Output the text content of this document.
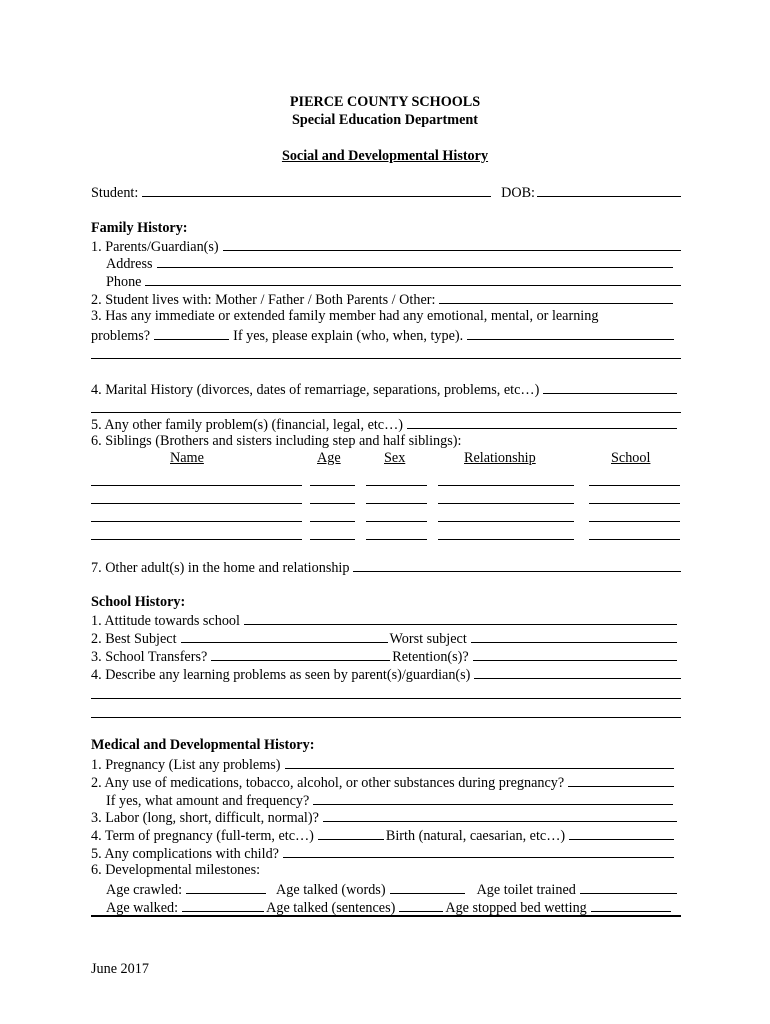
PIERCE COUNTY SCHOOLS
Special Education Department
Social and Developmental History
Student:	DOB:
Family History:
1. Parents/Guardian(s)
Address
Phone
2. Student lives with: Mother / Father / Both Parents / Other:
3. Has any immediate or extended family member had any emotional, mental, or learning
problems?	If yes, please explain (who, when, type).
4. Marital History (divorces, dates of remarriage, separations, problems, etc…)
5. Any other family problem(s) (financial, legal, etc…)
6. Siblings (Brothers and sisters including step and half siblings):
Name	Age	Sex	Relationship	School
7. Other adult(s) in the home and relationship
School History:
1. Attitude towards school
2. Best Subject	Worst subject
3. School Transfers?	Retention(s)?
4. Describe any learning problems as seen by parent(s)/guardian(s)
Medical and Developmental History:
1. Pregnancy (List any problems)
2. Any use of medications, tobacco, alcohol, or other substances during pregnancy?
If yes, what amount and frequency?
3. Labor (long, short, difficult, normal)?
4. Term of pregnancy (full-term, etc…)	Birth (natural, caesarian, etc…)
5. Any complications with child?
6. Developmental milestones:
Age crawled:	Age talked (words)	Age toilet trained
Age walked:	Age talked (sentences)	Age stopped bed wetting
June 2017
